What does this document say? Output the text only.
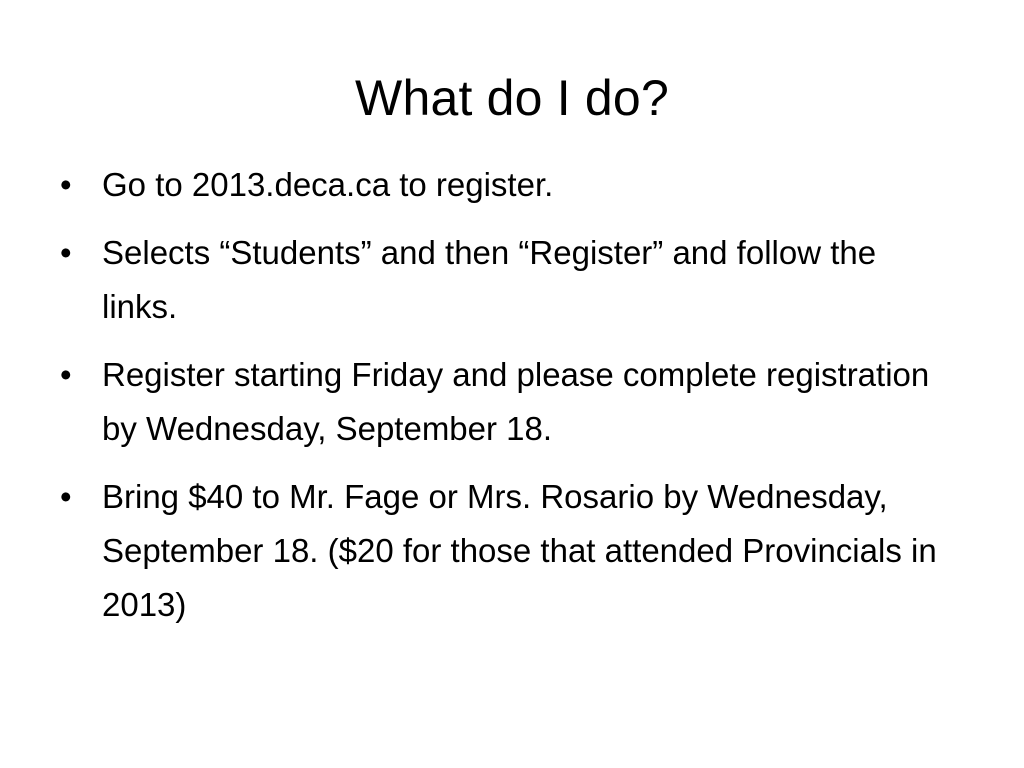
What do I do?
• Go to 2013.deca.ca to register.
• Selects “Students” and then “Register” and follow the links.
• Register starting Friday and please complete registration by Wednesday, September 18.
• Bring $40 to Mr. Fage or Mrs. Rosario by Wednesday, September 18. ($20 for those that attended Provincials in 2013)
